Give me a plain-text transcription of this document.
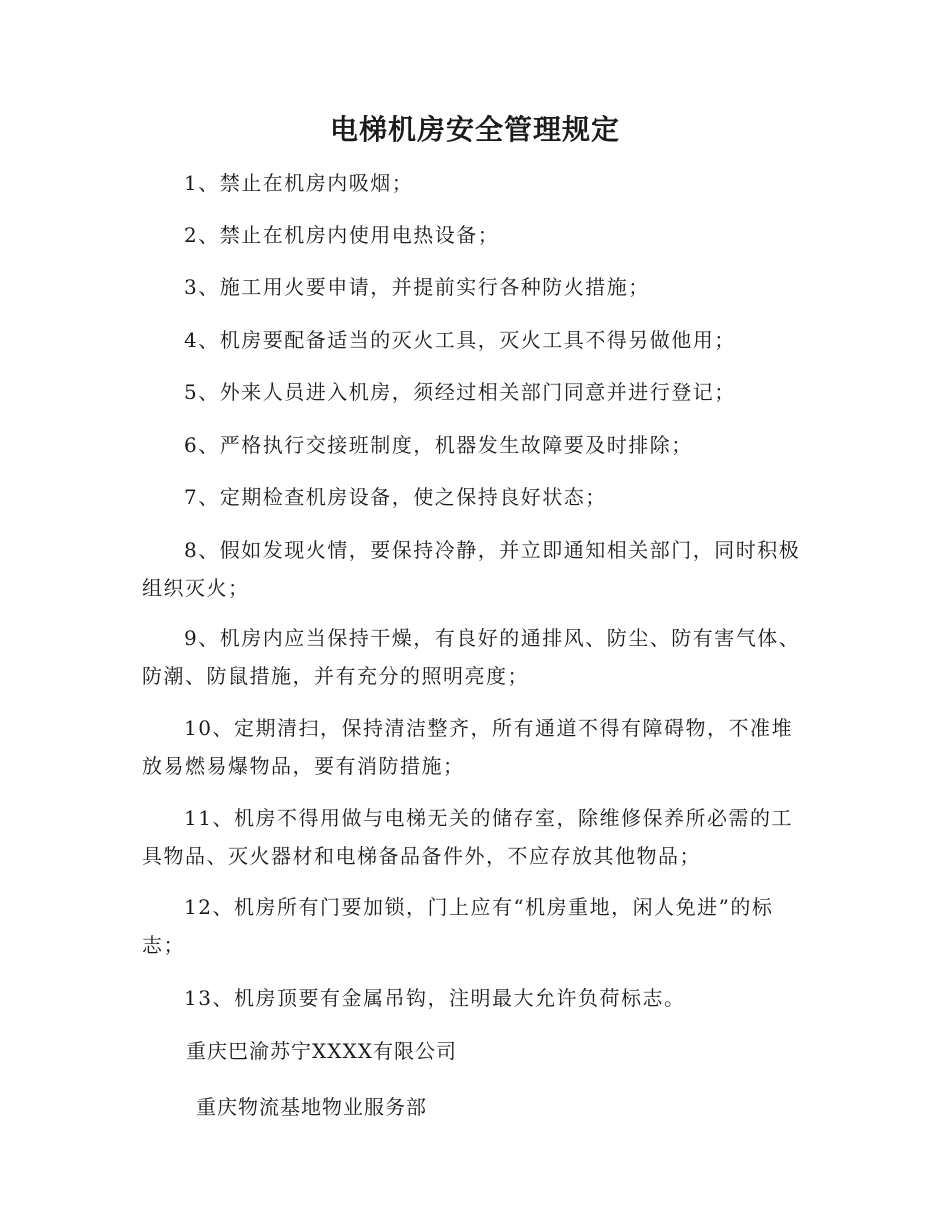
电梯机房安全管理规定

1、禁止在机房内吸烟；

2、禁止在机房内使用电热设备；

3、施工用火要申请，并提前实行各种防火措施；

4、机房要配备适当的灭火工具，灭火工具不得另做他用；

5、外来人员进入机房，须经过相关部门同意并进行登记；

6、严格执行交接班制度，机器发生故障要及时排除；

7、定期检查机房设备，使之保持良好状态；

8、假如发现火情，要保持冷静，并立即通知相关部门，同时积极组织灭火；

9、机房内应当保持干燥，有良好的通排风、防尘、防有害气体、防潮、防鼠措施，并有充分的照明亮度；

10、定期清扫，保持清洁整齐，所有通道不得有障碍物，不准堆放易燃易爆物品，要有消防措施；

11、机房不得用做与电梯无关的储存室，除维修保养所必需的工具物品、灭火器材和电梯备品备件外，不应存放其他物品；

12、机房所有门要加锁，门上应有“机房重地，闲人免进”的标志；

13、机房顶要有金属吊钩，注明最大允许负荷标志。

重庆巴渝苏宁XXXX有限公司
重庆物流基地物业服务部
